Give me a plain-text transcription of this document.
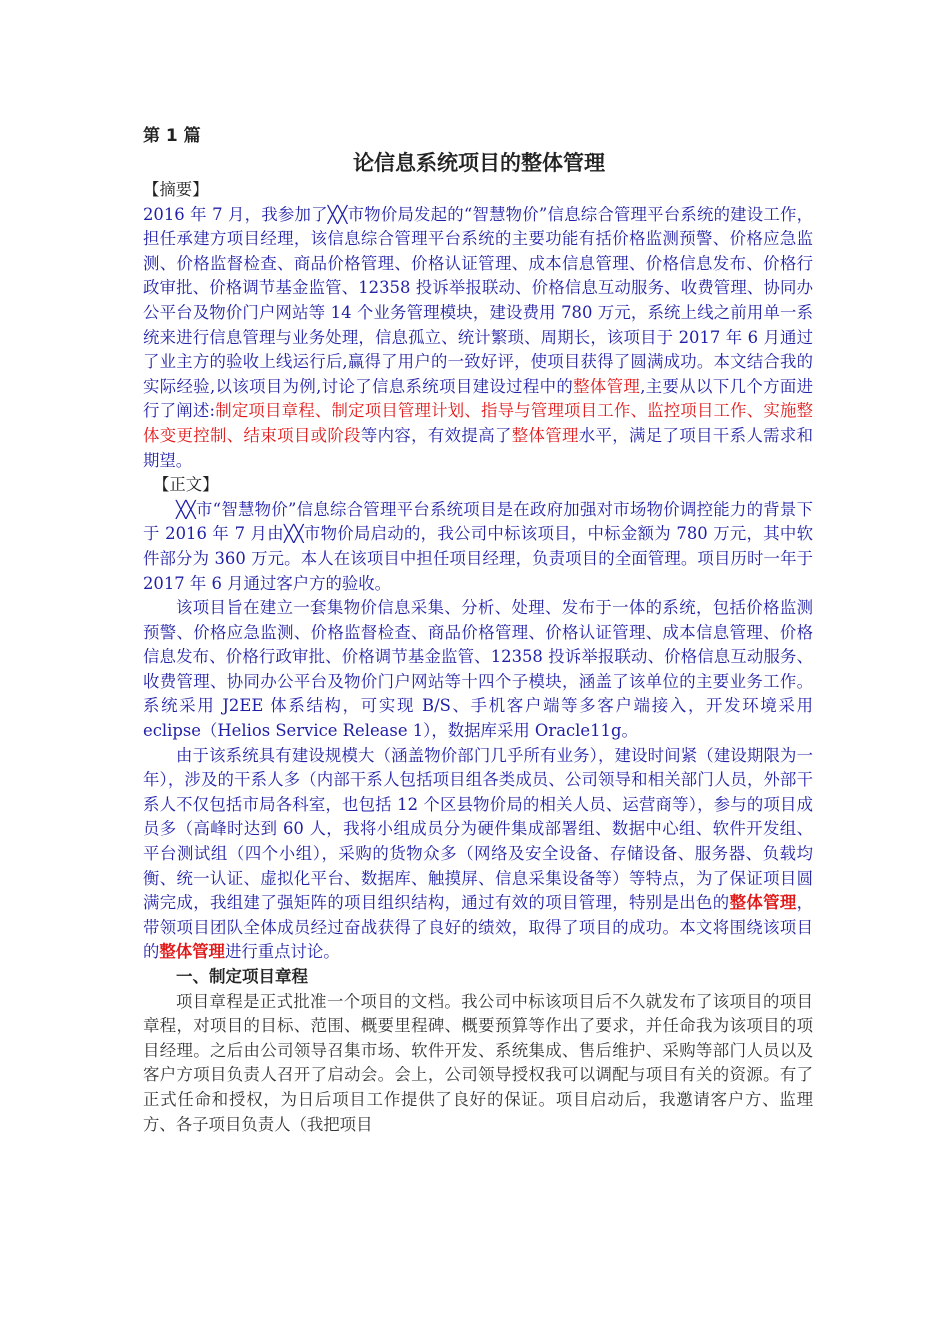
第 1 篇

论信息系统项目的整体管理

【摘要】

2016 年 7 月，我参加了╳╳市物价局发起的“智慧物价”信息综合管理平台系统的建设工作，担任承建方项目经理，该信息综合管理平台系统的主要功能有括价格监测预警、价格应急监测、价格监督检查、商品价格管理、价格认证管理、成本信息管理、价格信息发布、价格行政审批、价格调节基金监管、12358 投诉举报联动、价格信息互动服务、收费管理、协同办公平台及物价门户网站等 14 个业务管理模块，建设费用 780 万元，系统上线之前用单一系统来进行信息管理与业务处理，信息孤立、统计繁琐、周期长，该项目于 2017 年 6 月通过了业主方的验收上线运行后,赢得了用户的一致好评，使项目获得了圆满成功。本文结合我的实际经验,以该项目为例,讨论了信息系统项目建设过程中的整体管理,主要从以下几个方面进行了阐述:制定项目章程、制定项目管理计划、指导与管理项目工作、监控项目工作、实施整体变更控制、结束项目或阶段等内容，有效提高了整体管理水平，满足了项目干系人需求和期望。

【正文】

╳╳市“智慧物价”信息综合管理平台系统项目是在政府加强对市场物价调控能力的背景下于 2016 年 7 月由╳╳市物价局启动的，我公司中标该项目，中标金额为 780 万元，其中软件部分为 360 万元。本人在该项目中担任项目经理，负责项目的全面管理。项目历时一年于 2017 年 6 月通过客户方的验收。

该项目旨在建立一套集物价信息采集、分析、处理、发布于一体的系统，包括价格监测预警、价格应急监测、价格监督检查、商品价格管理、价格认证管理、成本信息管理、价格信息发布、价格行政审批、价格调节基金监管、12358 投诉举报联动、价格信息互动服务、收费管理、协同办公平台及物价门户网站等十四个子模块，涵盖了该单位的主要业务工作。系统采用 J2EE 体系结构，可实现 B/S、手机客户端等多客户端接入，开发环境采用 eclipse（Helios Service Release 1），数据库采用 Oracle11g。

由于该系统具有建设规模大（涵盖物价部门几乎所有业务），建设时间紧（建设期限为一年），涉及的干系人多（内部干系人包括项目组各类成员、公司领导和相关部门人员，外部干系人不仅包括市局各科室，也包括 12 个区县物价局的相关人员、运营商等），参与的项目成员多（高峰时达到 60 人，我将小组成员分为硬件集成部署组、数据中心组、软件开发组、平台测试组（四个小组），采购的货物众多（网络及安全设备、存储设备、服务器、负载均衡、统一认证、虚拟化平台、数据库、触摸屏、信息采集设备等）等特点，为了保证项目圆满完成，我组建了强矩阵的项目组织结构，通过有效的项目管理，特别是出色的整体管理，带领项目团队全体成员经过奋战获得了良好的绩效，取得了项目的成功。本文将围绕该项目的整体管理进行重点讨论。

一、制定项目章程

项目章程是正式批准一个项目的文档。我公司中标该项目后不久就发布了该项目的项目章程，对项目的目标、范围、概要里程碑、概要预算等作出了要求，并任命我为该项目的项目经理。之后由公司领导召集市场、软件开发、系统集成、售后维护、采购等部门人员以及客户方项目负责人召开了启动会。会上，公司领导授权我可以调配与项目有关的资源。有了正式任命和授权，为日后项目工作提供了良好的保证。项目启动后，我邀请客户方、监理方、各子项目负责人（我把项目
